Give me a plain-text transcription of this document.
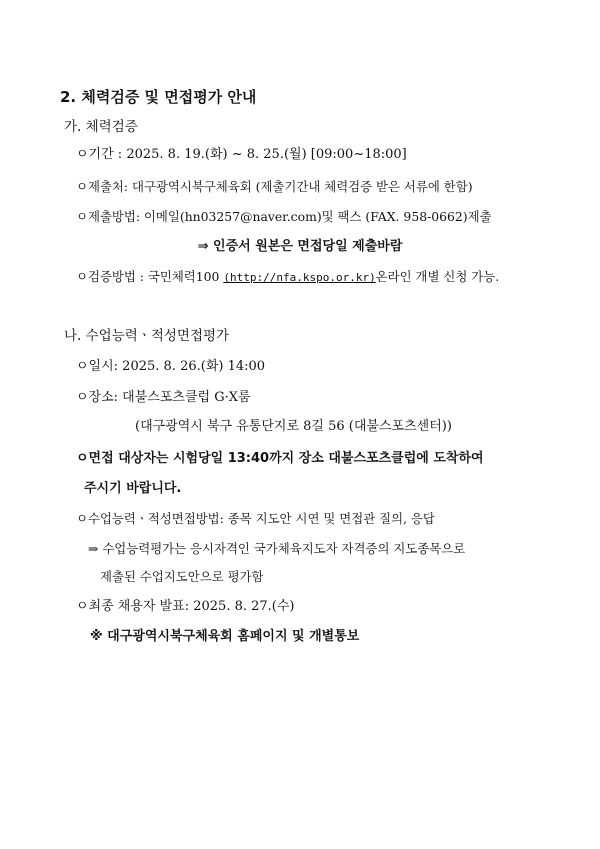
2. 체력검증 및 면접평가 안내
가. 체력검증
ㅇ기간 : 2025. 8. 19.(화) ~ 8. 25.(월) [09:00~18:00]
ㅇ제출처: 대구광역시북구체육회 (제출기간내 체력검증 받은 서류에 한함)
ㅇ제출방법: 이메일(hn03257@naver.com)및 팩스 (FAX. 958-0662)제출
⇒ 인증서 원본은 면접당일 제출바람
ㅇ검증방법 : 국민체력100 (http://nfa.kspo.or.kr)온라인 개별 신청 가능.
나. 수업능력ㆍ적성면접평가
ㅇ일시: 2025. 8. 26.(화) 14:00
ㅇ장소: 대불스포츠클럽 G·X룸
(대구광역시 북구 유통단지로 8길 56 (대불스포츠센터))
ㅇ면접 대상자는 시험당일 13:40까지 장소 대불스포츠클럽에 도착하여
주시기 바랍니다.
ㅇ수업능력ㆍ적성면접방법: 종목 지도안 시연 및 면접관 질의, 응답
⇒ 수업능력평가는 응시자격인 국가체육지도자 자격증의 지도종목으로
제출된 수업지도안으로 평가함
ㅇ최종 채용자 발표: 2025. 8. 27.(수)
※ 대구광역시북구체육회 홈페이지 및 개별통보
